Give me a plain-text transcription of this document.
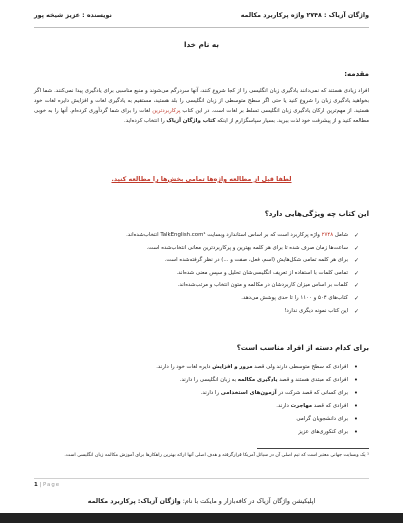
واژگان آزیاک : ۲۷۴۸ واژه پرکاربرد مکالمه
نویسنده : عزیز شیخه پور
به نام خدا
مقدمه:

افراد زیادی هستند که نمی‌دانند یادگیری زبان انگلیسی را از کجا شروع کنند، آنها سردرگم می‌شوند و منبع مناسبی برای یادگیری پیدا نمی‌کنند. شما اگر بخواهید یادگیری زبان را شروع کنید یا حتی اگر سطح متوسطی از زبان انگلیسی را بلد هستید، مستقیم به یادگیری لغات و افزایش دایره لغات خود هستید. از مهم‌ترین ارکان یادگیری زبان انگلیسی تسلط بر لغات است. در این کتاب پرکاربردترین لغات را برای شما گردآوری کرده‌ام. آنها را به خوبی مطالعه کنید و از پیشرفت خود لذت ببرید. بسیار سپاسگزارم از اینکه کتاب واژگان آزیاک را انتخاب کرده‌اید.

لطفا قبل از مطالعه واژه‌ها تمامی بخش‌ها را مطالعه کنید.
این کتاب چه ویژگی‌هایی دارد؟
✓ شامل ۲۷۴۸ واژه پرکاربرد است که بر اساس استاندارد وبسایت TalkEnglish.com¹ انتخاب‌شده‌اند.
✓ ساعت‌ها زمان صرف شده تا برای هر کلمه بهترین و پرکاربردترین معانی انتخاب‌شده است.
✓ برای هر کلمه تمامی شکل‌هایش (اسم، فعل، صفت و ...) در نظر گرفته‌شده است.
✓ تمامی کلمات با استفاده از تعریف انگلیسی‌شان تحلیل و سپس معنی شده‌اند.
✓ کلمات بر اساس میزان کاربردشان در مکالمه و متون انتخاب و مرتب‌شده‌اند.
✓ کتاب‌های ۵۰۴ و ۱۱۰۰ را تا حدی پوشش می‌دهد.
✓ این کتاب نمونه دیگری ندارد!
برای کدام دسته از افراد مناسب است؟
• افرادی که سطح متوسطی دارند ولی قصد مرور و افزایش دایره لغات خود را دارند.
• افرادی که مبتدی هستند و قصد یادگیری مکالمه به زبان انگلیسی را دارند.
• برای کسانی که قصد شرکت در آزمون‌های استخدامی را دارند.
• افرادی که قصد مهاجرت دارند.
• برای دانشجویان گرامی
• برای کنکوری‌های عزیز
¹ یک وبسایت جهانی معتبر است که تیم اصلی آن در سیاتل آمریکا قرارگرفته و هدف اصلی آنها ارائه بهترین راهکارها برای آموزش مکالمه زبان انگلیسی است.
1 | Page
اپلیکیشن واژگان آزیاک در کافه‌بازار و مایکت با نام: واژگان آزیاک: پرکاربرد مکالمه
